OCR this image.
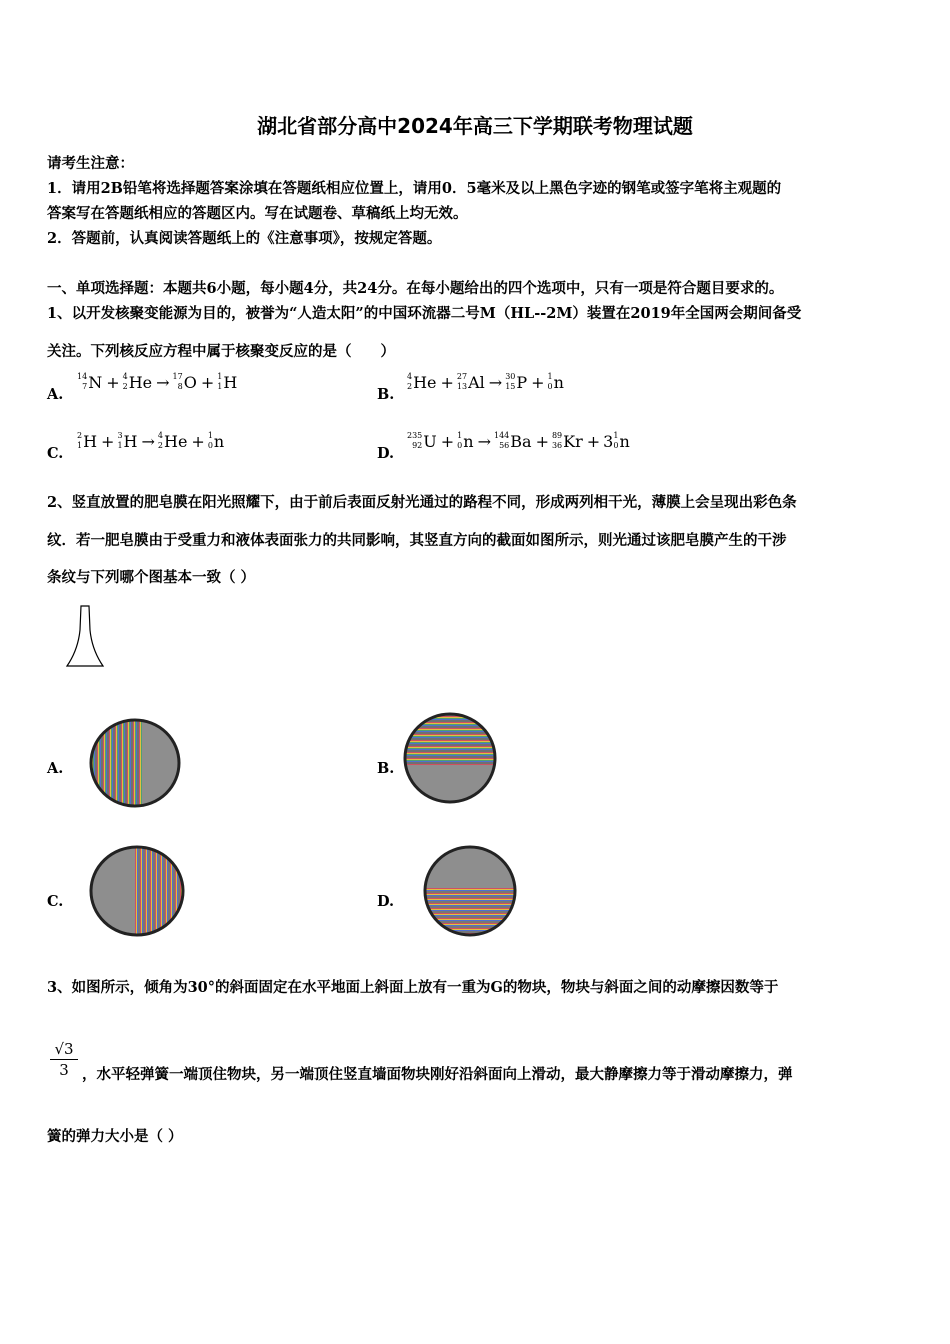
湖北省部分高中2024年高三下学期联考物理试题
请考生注意：
1．请用2B铅笔将选择题答案涂填在答题纸相应位置上，请用0．5毫米及以上黑色字迹的钢笔或签字笔将主观题的
答案写在答题纸相应的答题区内。写在试题卷、草稿纸上均无效。
2．答题前，认真阅读答题纸上的《注意事项》，按规定答题。
一、单项选择题：本题共6小题，每小题4分，共24分。在每小题给出的四个选项中，只有一项是符合题目要求的。
1、以开发核聚变能源为目的，被誉为“人造太阳”的中国环流器二号M（HL--2M）装置在2019年全国两会期间备受
关注。下列核反应方程中属于核聚变反应的是（　　）
A.
14
7 N + 4
2 He → 17
8 O + 1
1 H
B.
4
2 He + 27
13 Al → 30
15 P + 1
0 n
C.
2
1 H + 3
1 H → 4
2 He + 1
0 n
D.
235
92 U + 1
0 n → 144
56 Ba + 89
36 Kr + 3 1
0 n
2、竖直放置的肥皂膜在阳光照耀下，由于前后表面反射光通过的路程不同，形成两列相干光，薄膜上会呈现出彩色条
纹．若一肥皂膜由于受重力和液体表面张力的共同影响，其竖直方向的截面如图所示，则光通过该肥皂膜产生的干涉
条纹与下列哪个图基本一致（ ）
A.	B.
C.	D.
3、如图所示，倾角为30°的斜面固定在水平地面上斜面上放有一重为G的物块，物块与斜面之间的动摩擦因数等于
√3
3 ，水平轻弹簧一端顶住物块，另一端顶住竖直墙面物块刚好沿斜面向上滑动，最大静摩擦力等于滑动摩擦力，弹
簧的弹力大小是（ ）
